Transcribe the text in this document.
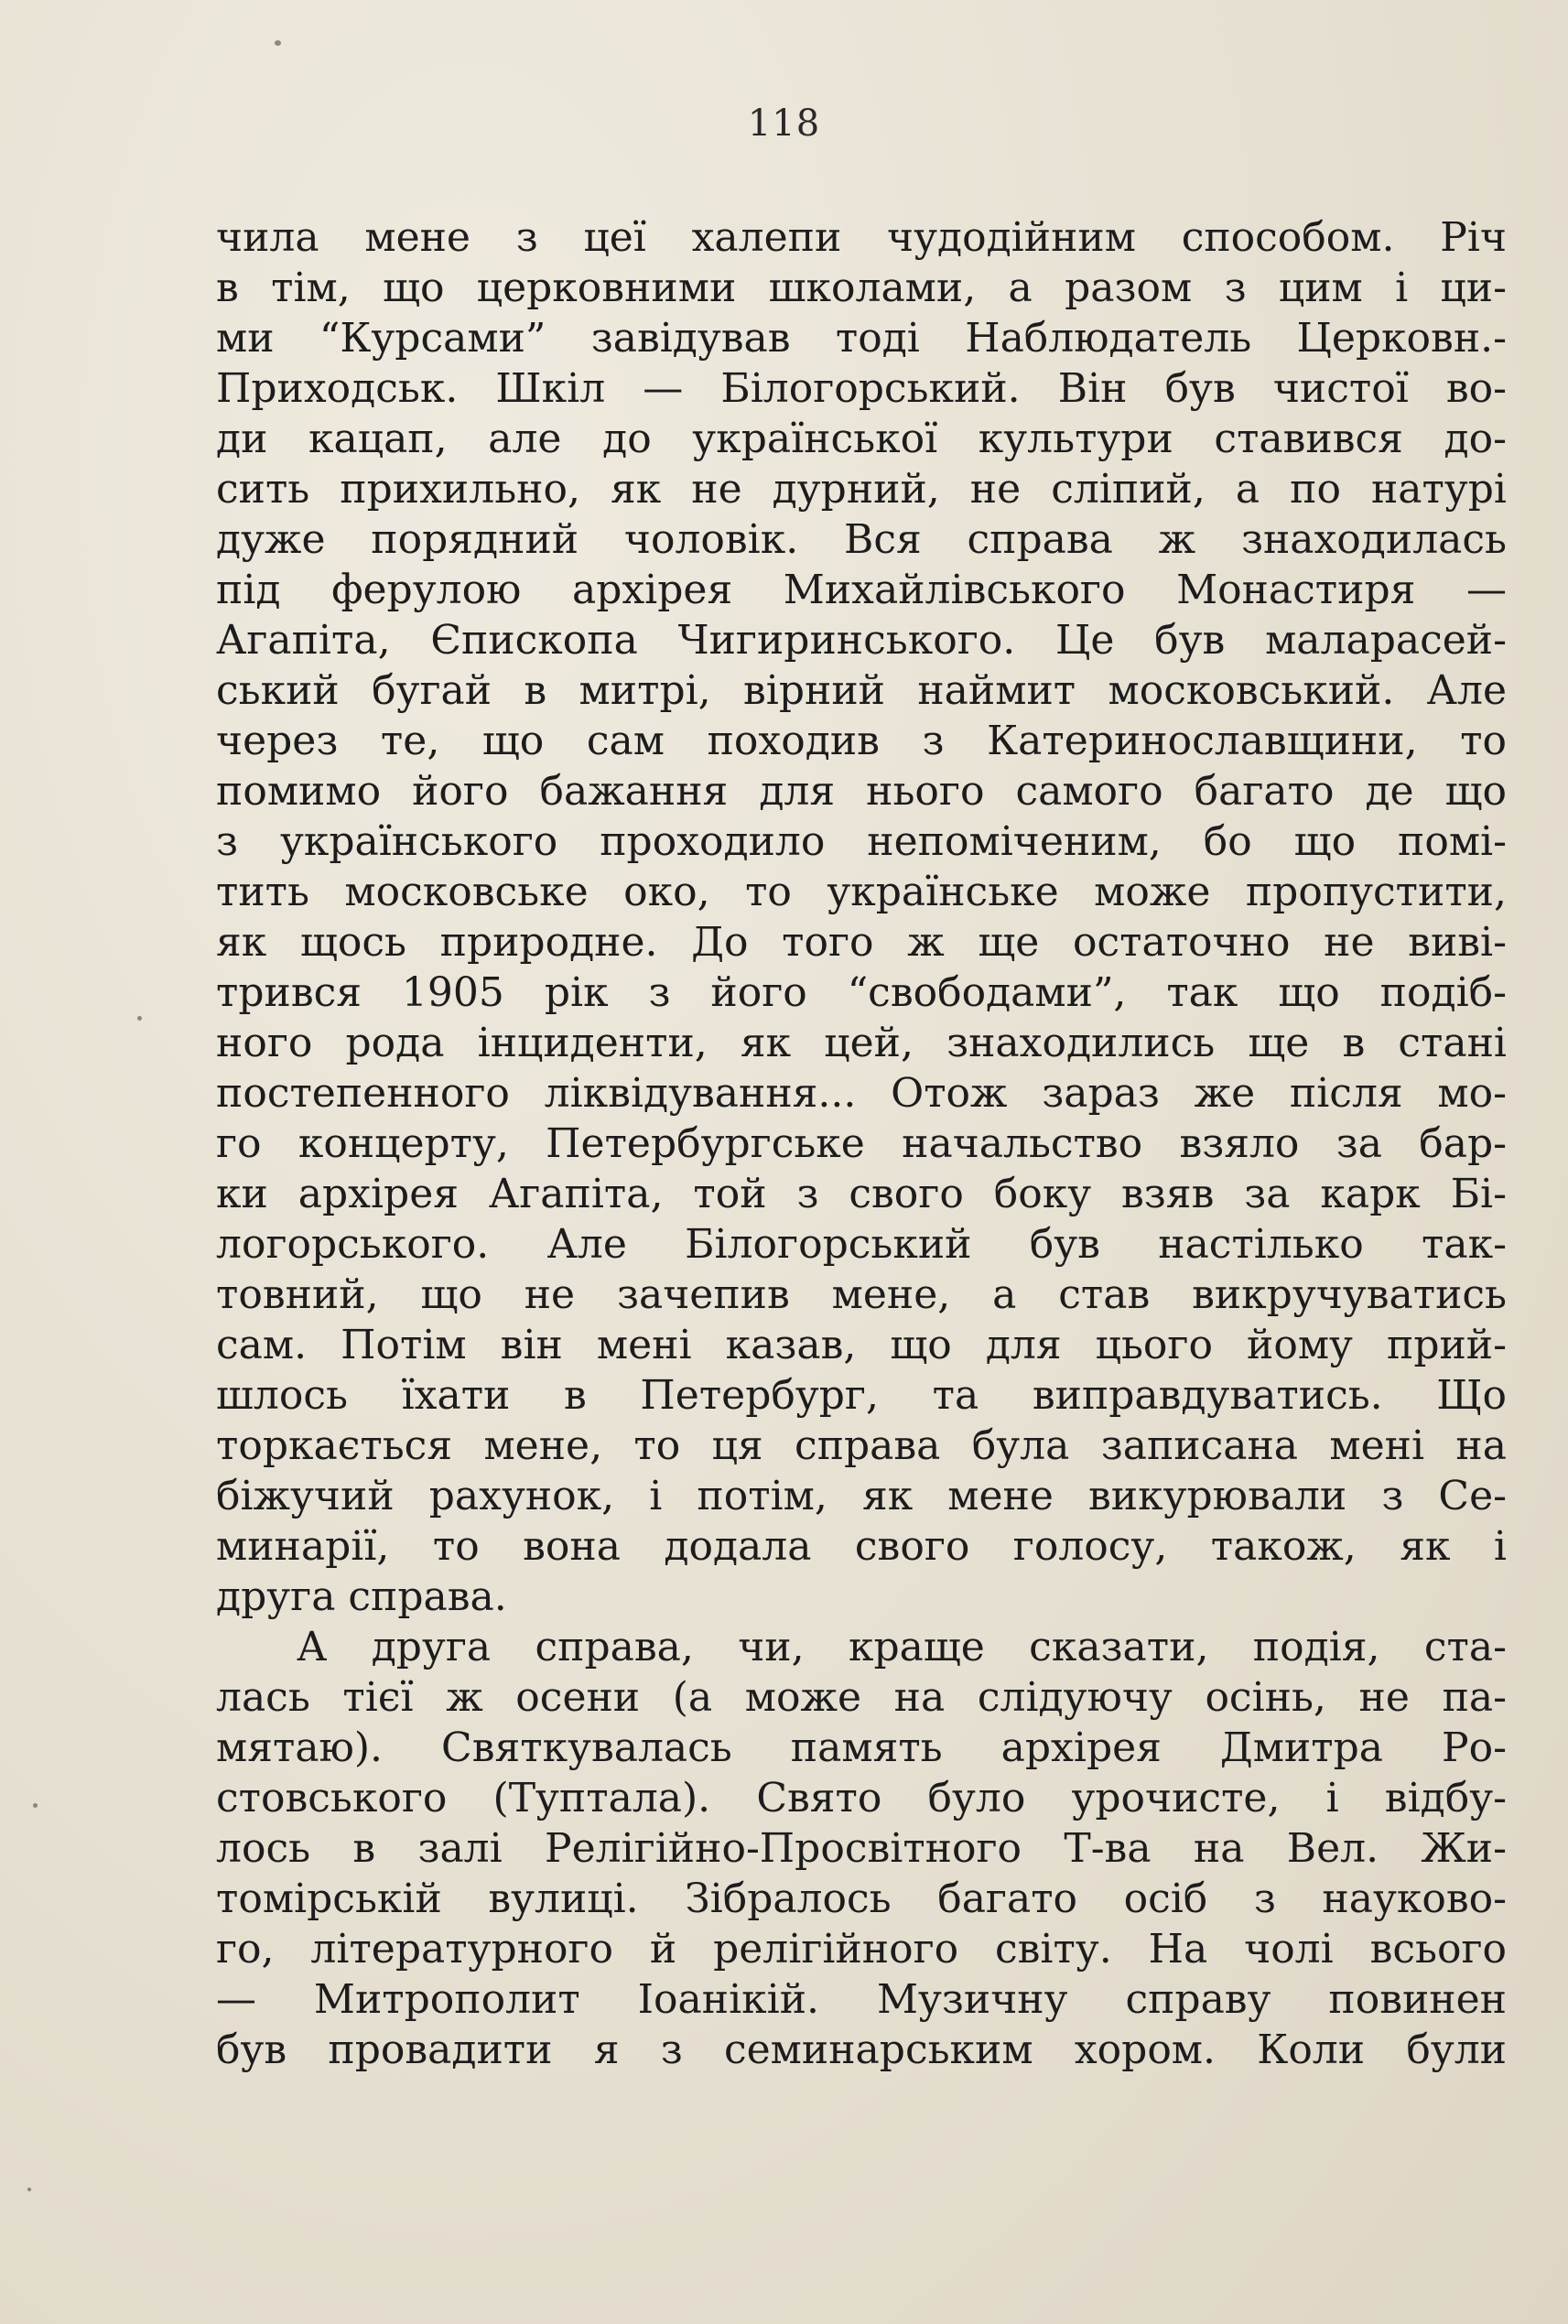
118
чила мене з цеї халепи чудодійним способом. Річ
в тім, що церковними школами, а разом з цим і ци-
ми “Курсами” завідував тоді Наблюдатель Церковн.-
Приходськ. Шкіл — Білогорський. Він був чистої во-
ди кацап, але до української культури ставився до-
сить прихильно, як не дурний, не сліпий, а по натурі
дуже порядний чоловік. Вся справа ж знаходилась
під ферулою архірея Михайлівського Монастиря —
Агапіта, Єпископа Чигиринського. Це був маларасей-
ський бугай в митрі, вірний наймит московський. Але
через те, що сам походив з Катеринославщини, то
помимо його бажання для нього самого багато де що
з українського проходило непоміченим, бо що помі-
тить московське око, то українське може пропустити,
як щось природне. До того ж ще остаточно не виві-
трився 1905 рік з його “свободами”, так що подіб-
ного рода інциденти, як цей, знаходились ще в стані
постепенного ліквідування... Отож зараз же після мо-
го концерту, Петербургське начальство взяло за бар-
ки архірея Агапіта, той з свого боку взяв за карк Бі-
логорського. Але Білогорський був настілько так-
товний, що не зачепив мене, а став викручуватись
сам. Потім він мені казав, що для цього йому прий-
шлось їхати в Петербург, та виправдуватись. Що
торкається мене, то ця справа була записана мені на
біжучий рахунок, і потім, як мене викурювали з Се-
минарії, то вона додала свого голосу, також, як і
друга справа.
А друга справа, чи, краще сказати, подія, ста-
лась тієї ж осени (а може на слідуючу осінь, не па-
мятаю). Святкувалась память архірея Дмитра Ро-
стовського (Туптала). Свято було урочисте, і відбу-
лось в залі Релігійно-Просвітного Т-ва на Вел. Жи-
томірській вулиці. Зібралось багато осіб з науково-
го, літературного й релігійного світу. На чолі всього
— Митрополит Іоанікій. Музичну справу повинен
був провадити я з семинарським хором. Коли були
